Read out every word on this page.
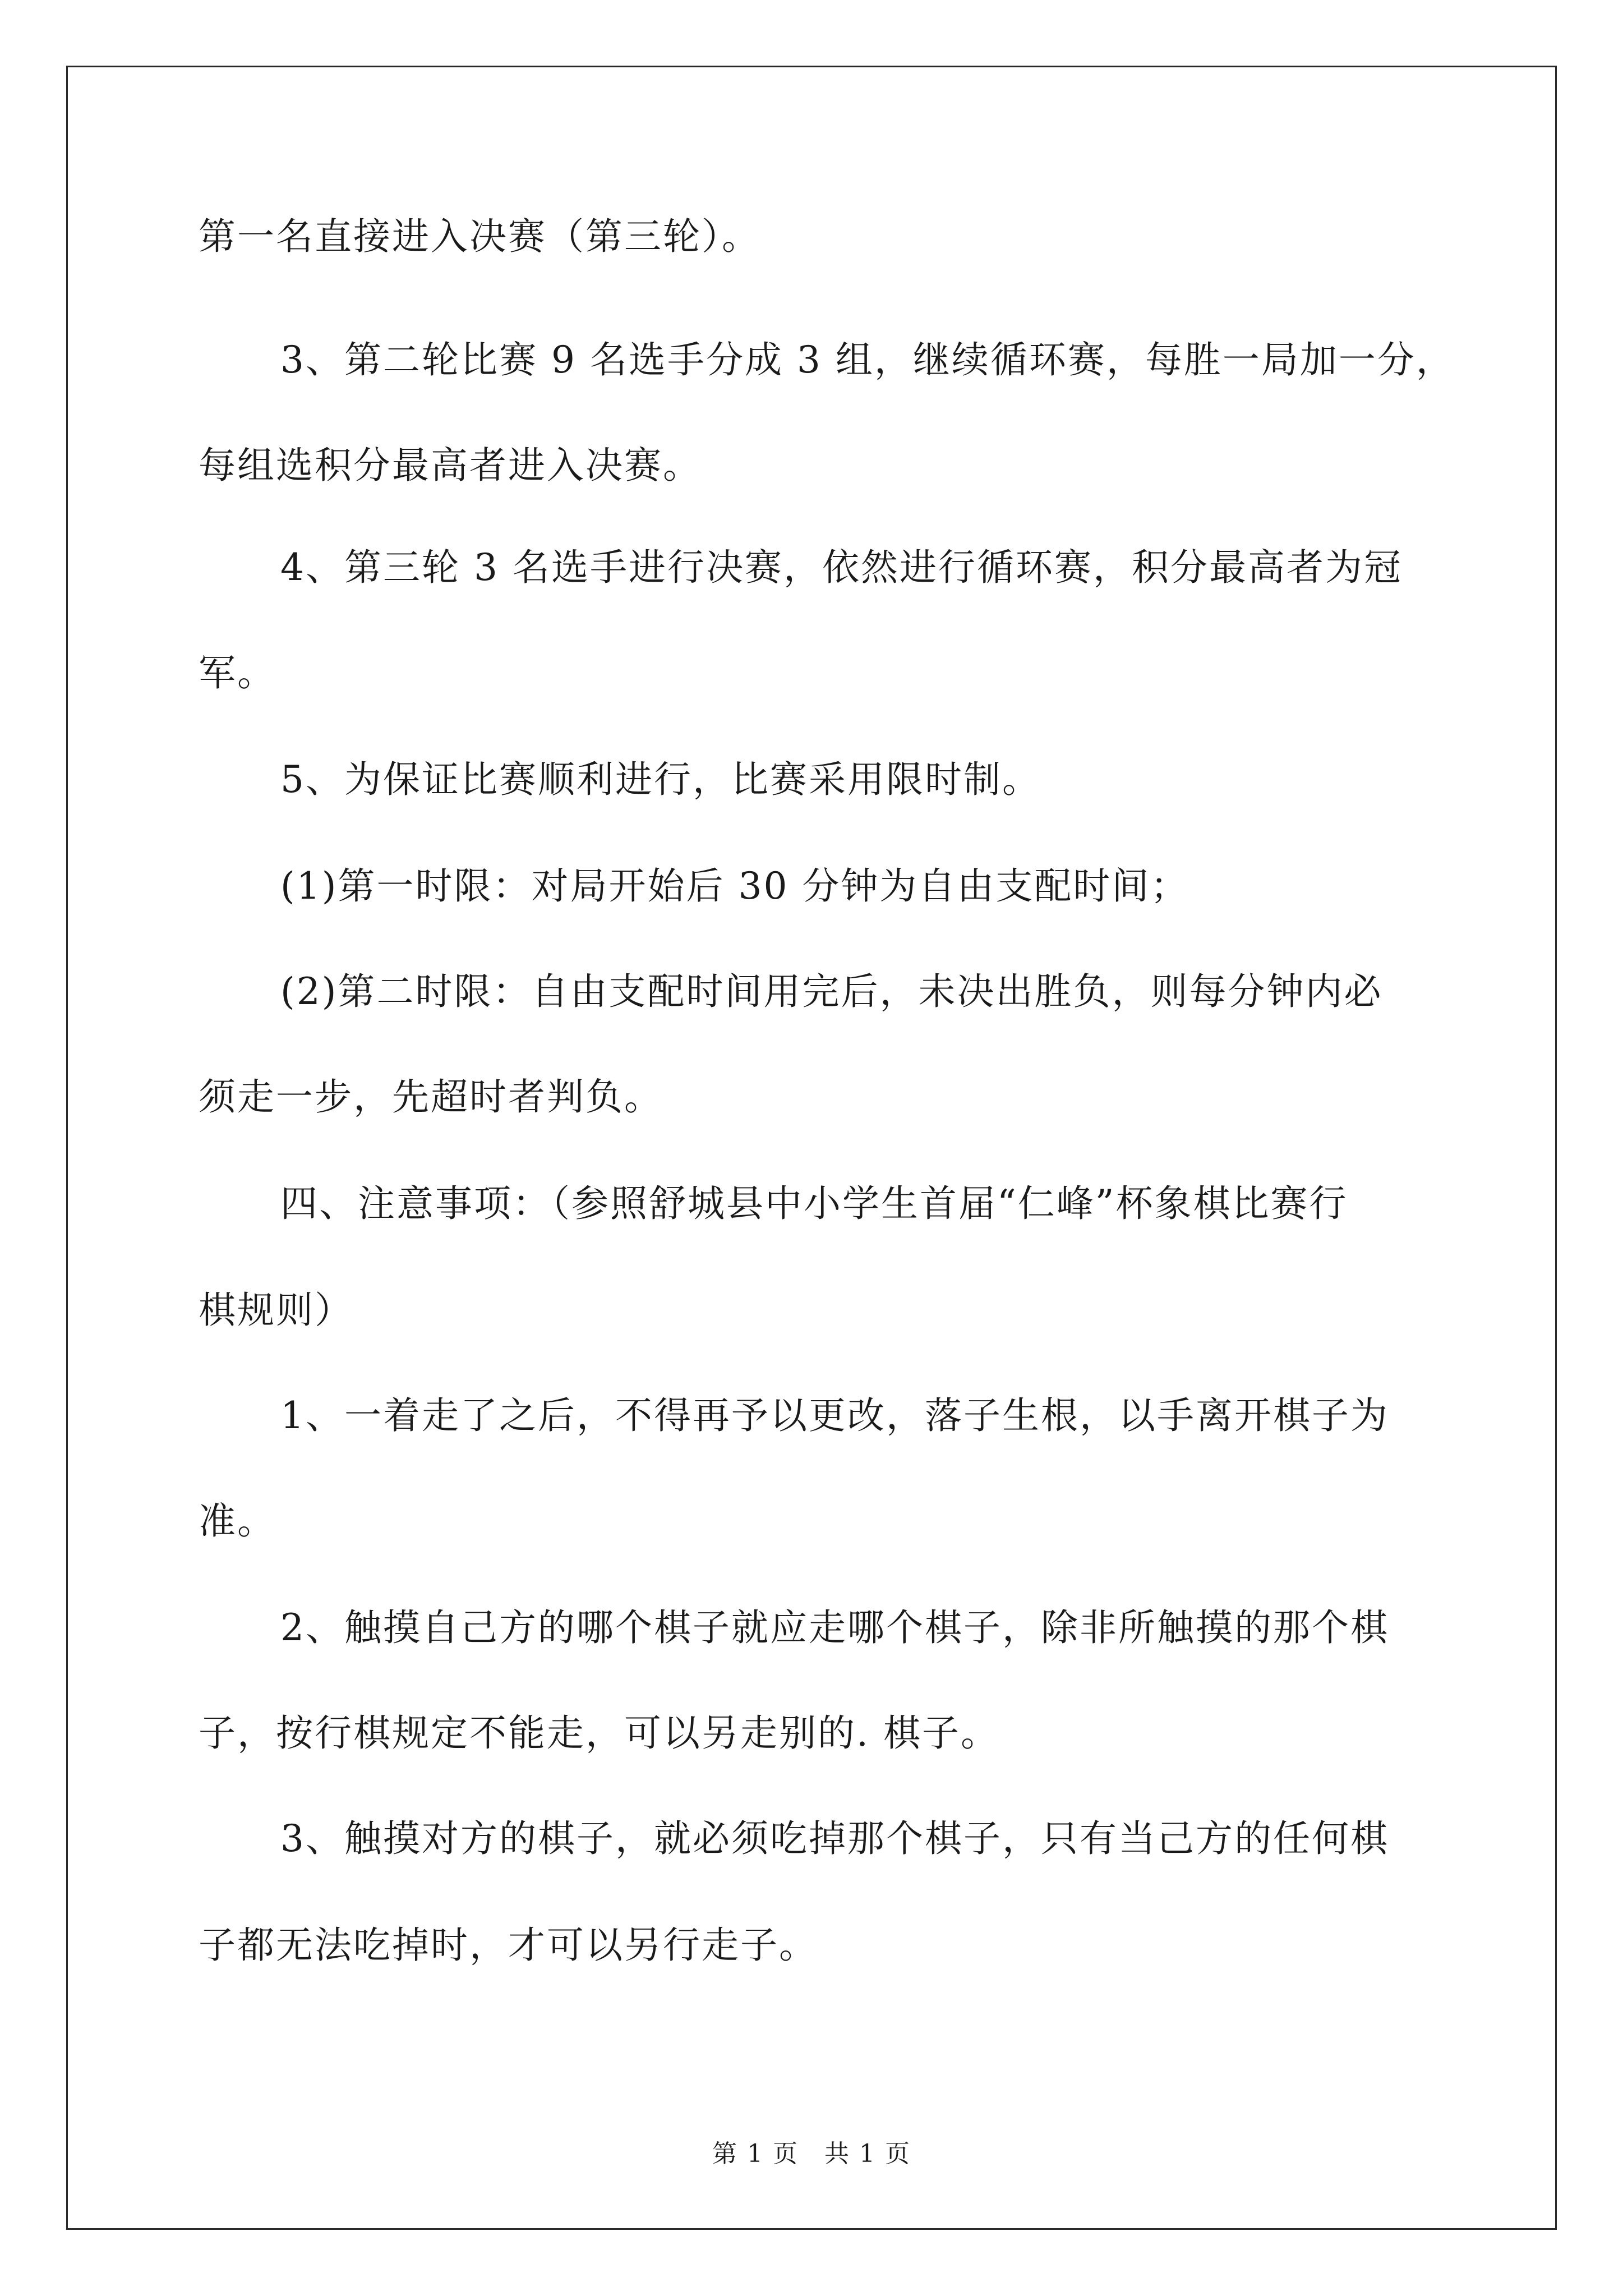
第一名直接进入决赛（第三轮）。
3、第二轮比赛 9 名选手分成 3 组，继续循环赛，每胜一局加一分，
每组选积分最高者进入决赛。
4、第三轮 3 名选手进行决赛，依然进行循环赛，积分最高者为冠
军。
5、为保证比赛顺利进行，比赛采用限时制。
(1)第一时限：对局开始后 30 分钟为自由支配时间；
(2)第二时限：自由支配时间用完后，未决出胜负，则每分钟内必
须走一步，先超时者判负。
四、注意事项：（参照舒城县中小学生首届“仁峰”杯象棋比赛行
棋规则）
1、一着走了之后，不得再予以更改，落子生根，以手离开棋子为
准。
2、触摸自己方的哪个棋子就应走哪个棋子，除非所触摸的那个棋
子，按行棋规定不能走，可以另走别的. 棋子。
3、触摸对方的棋子，就必须吃掉那个棋子，只有当己方的任何棋
子都无法吃掉时，才可以另行走子。
第 1 页　共 1 页
